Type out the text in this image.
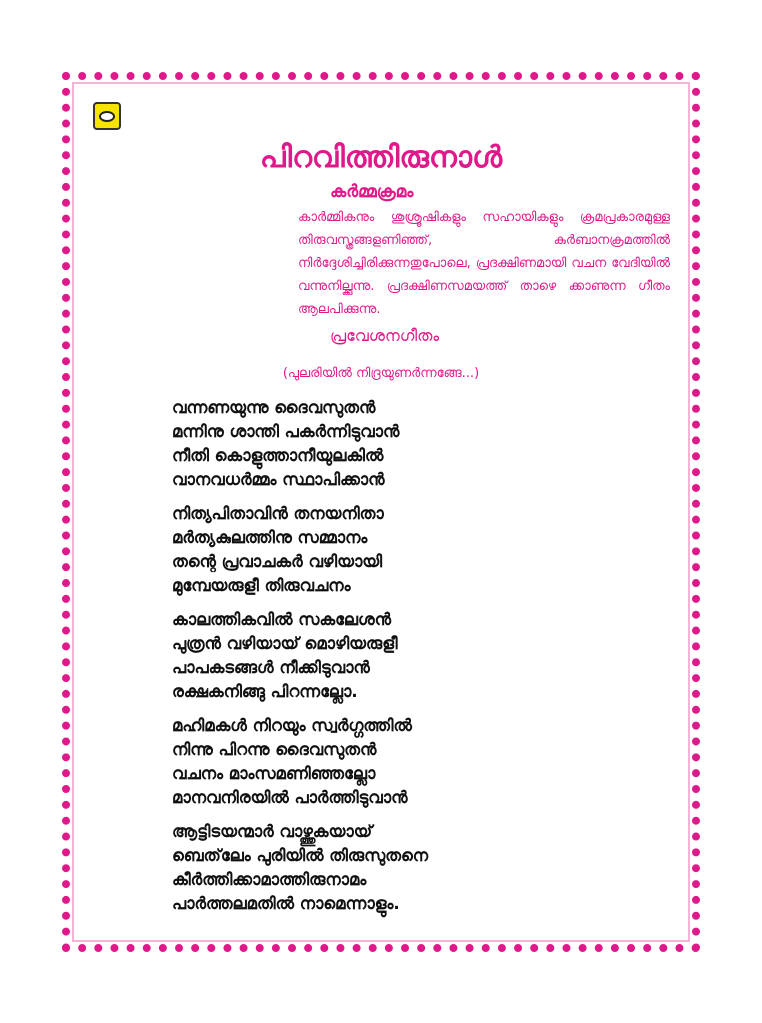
പിറവിത്തിരുനാൾ
കർമ്മക്രമം

കാർമ്മികനും ശുശ്രൂഷികളും സഹായികളും ക്രമപ്രകാരമുള്ള തിരുവസ്ത്രങ്ങളണിഞ്ഞ്, കുർബാനക്രമത്തിൽ നിർദ്ദേശിച്ചിരിക്കുന്നതുപോലെ, പ്രദക്ഷിണമായി വചന വേദിയിൽ വന്നുനില്ക്കുന്നു. പ്രദക്ഷിണസമയത്ത് താഴെ ക്കാണുന്ന ഗീതം ആലപിക്കുന്നു.

പ്രവേശനഗീതം
(പുലരിയിൽ നിദ്രയുണർന്നങ്ങേ...)
വന്നണയുന്നു ദൈവസുതൻ
മന്നിനു ശാന്തി പകർന്നിടുവാൻ
നീതി കൊളുത്താനീയുലകിൽ
വാനവധർമ്മം സ്ഥാപിക്കാൻ
നിത്യപിതാവിൻ തനയനിതാ
മർത്യകുലത്തിനു സമ്മാനം
തന്റെ പ്രവാചകർ വഴിയായി
മുമ്പേയരുളീ തിരുവചനം
കാലത്തികവിൽ സകലേശൻ
പുത്രൻ വഴിയായ് മൊഴിയരുളീ
പാപകടങ്ങൾ നീക്കിടുവാൻ
രക്ഷകനിങ്ങു പിറന്നല്ലോ.
മഹിമകൾ നിറയും സ്വർഗ്ഗത്തിൽ
നിന്നു പിറന്നു ദൈവസുതൻ
വചനം മാംസമണിഞ്ഞല്ലോ
മാനവനിരയിൽ പാർത്തിടുവാൻ
ആട്ടിടയന്മാർ വാഴ്ത്തുകയായ്
ബെത്‌ലേം പുരിയിൽ തിരുസുതനെ
കീർത്തിക്കാമാത്തിരുനാമം
പാർത്തലമതിൽ നാമെന്നാളും.
